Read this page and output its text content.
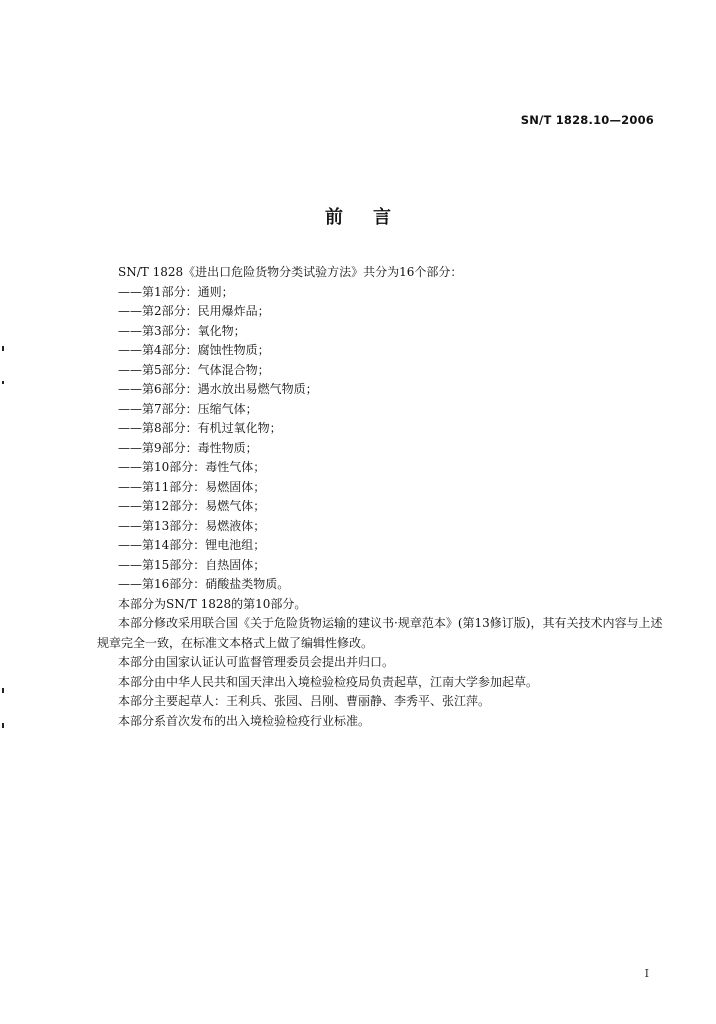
SN/T 1828.10—2006
前言

SN/T 1828《进出口危险货物分类试验方法》共分为16个部分：

——第1部分：通则；
——第2部分：民用爆炸品；
——第3部分：氧化物；
——第4部分：腐蚀性物质；
——第5部分：气体混合物；
——第6部分：遇水放出易燃气物质；
——第7部分：压缩气体；
——第8部分：有机过氧化物；
——第9部分：毒性物质；
——第10部分：毒性气体；
——第11部分：易燃固体；
——第12部分：易燃气体；
——第13部分：易燃液体；
——第14部分：锂电池组；
——第15部分：自热固体；
——第16部分：硝酸盐类物质。

本部分为SN/T 1828的第10部分。

本部分修改采用联合国《关于危险货物运输的建议书·规章范本》(第13修订版)，其有关技术内容与上述规章完全一致，在标准文本格式上做了编辑性修改。

本部分由国家认证认可监督管理委员会提出并归口。

本部分由中华人民共和国天津出入境检验检疫局负责起草，江南大学参加起草。

本部分主要起草人：王利兵、张园、吕刚、曹丽静、李秀平、张江萍。

本部分系首次发布的出入境检验检疫行业标准。

I
